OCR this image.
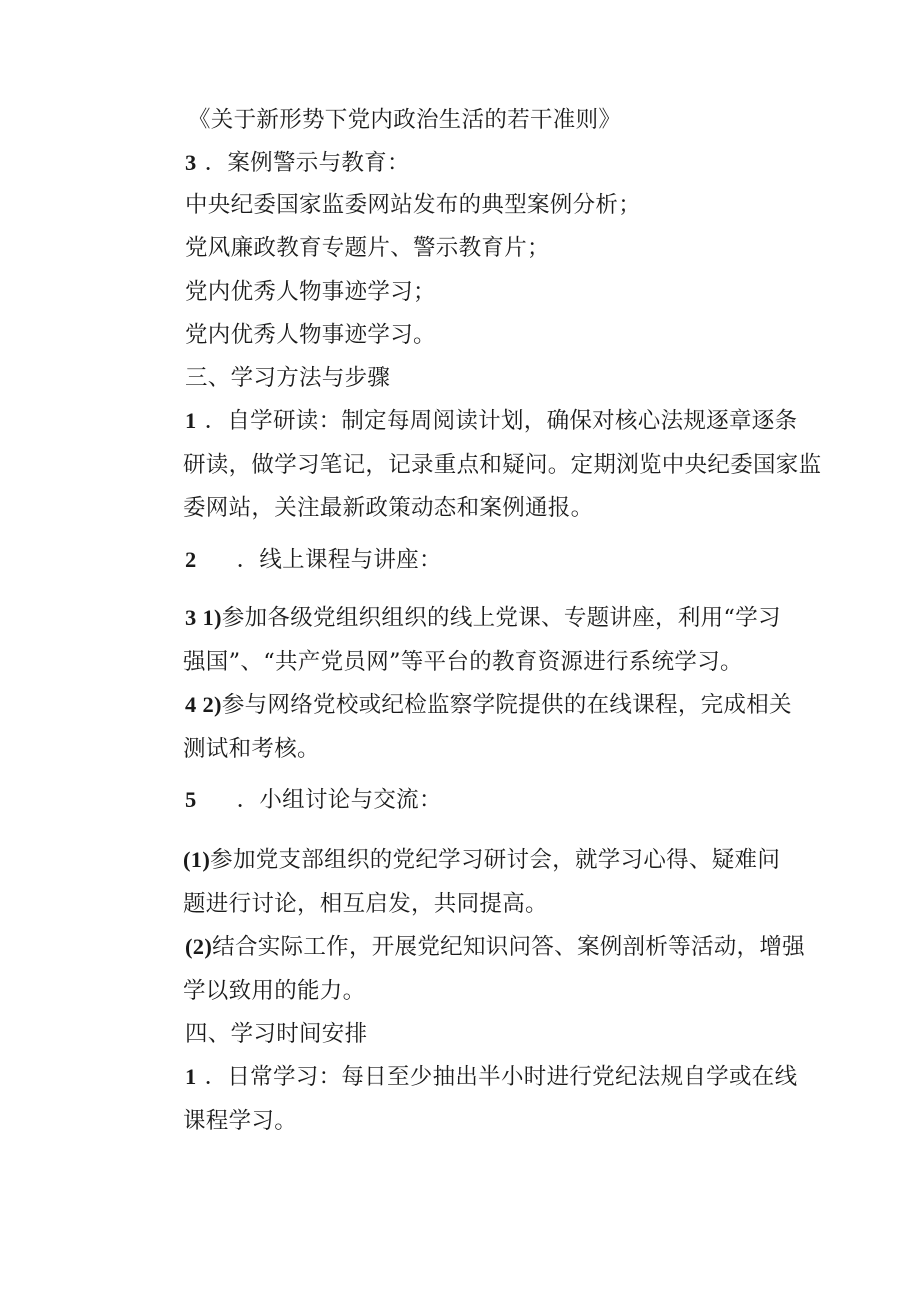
《关于新形势下党内政治生活的若干准则》
3 ．案例警示与教育：
中央纪委国家监委网站发布的典型案例分析；
党风廉政教育专题片、警示教育片；
党内优秀人物事迹学习；
党内优秀人物事迹学习。
三、学习方法与步骤
1 ．自学研读：制定每周阅读计划，确保对核心法规逐章逐条
研读，做学习笔记，记录重点和疑问。定期浏览中央纪委国家监
委网站，关注最新政策动态和案例通报。
2 ．线上课程与讲座：
3 1)参加各级党组织组织的线上党课、专题讲座，利用“学习
强国”、“共产党员网”等平台的教育资源进行系统学习。
4 2)参与网络党校或纪检监察学院提供的在线课程，完成相关
测试和考核。
5 ．小组讨论与交流：
(1)参加党支部组织的党纪学习研讨会，就学习心得、疑难问
题进行讨论，相互启发，共同提高。
(2)结合实际工作，开展党纪知识问答、案例剖析等活动，增强
学以致用的能力。
四、学习时间安排
1 ．日常学习：每日至少抽出半小时进行党纪法规自学或在线
课程学习。
